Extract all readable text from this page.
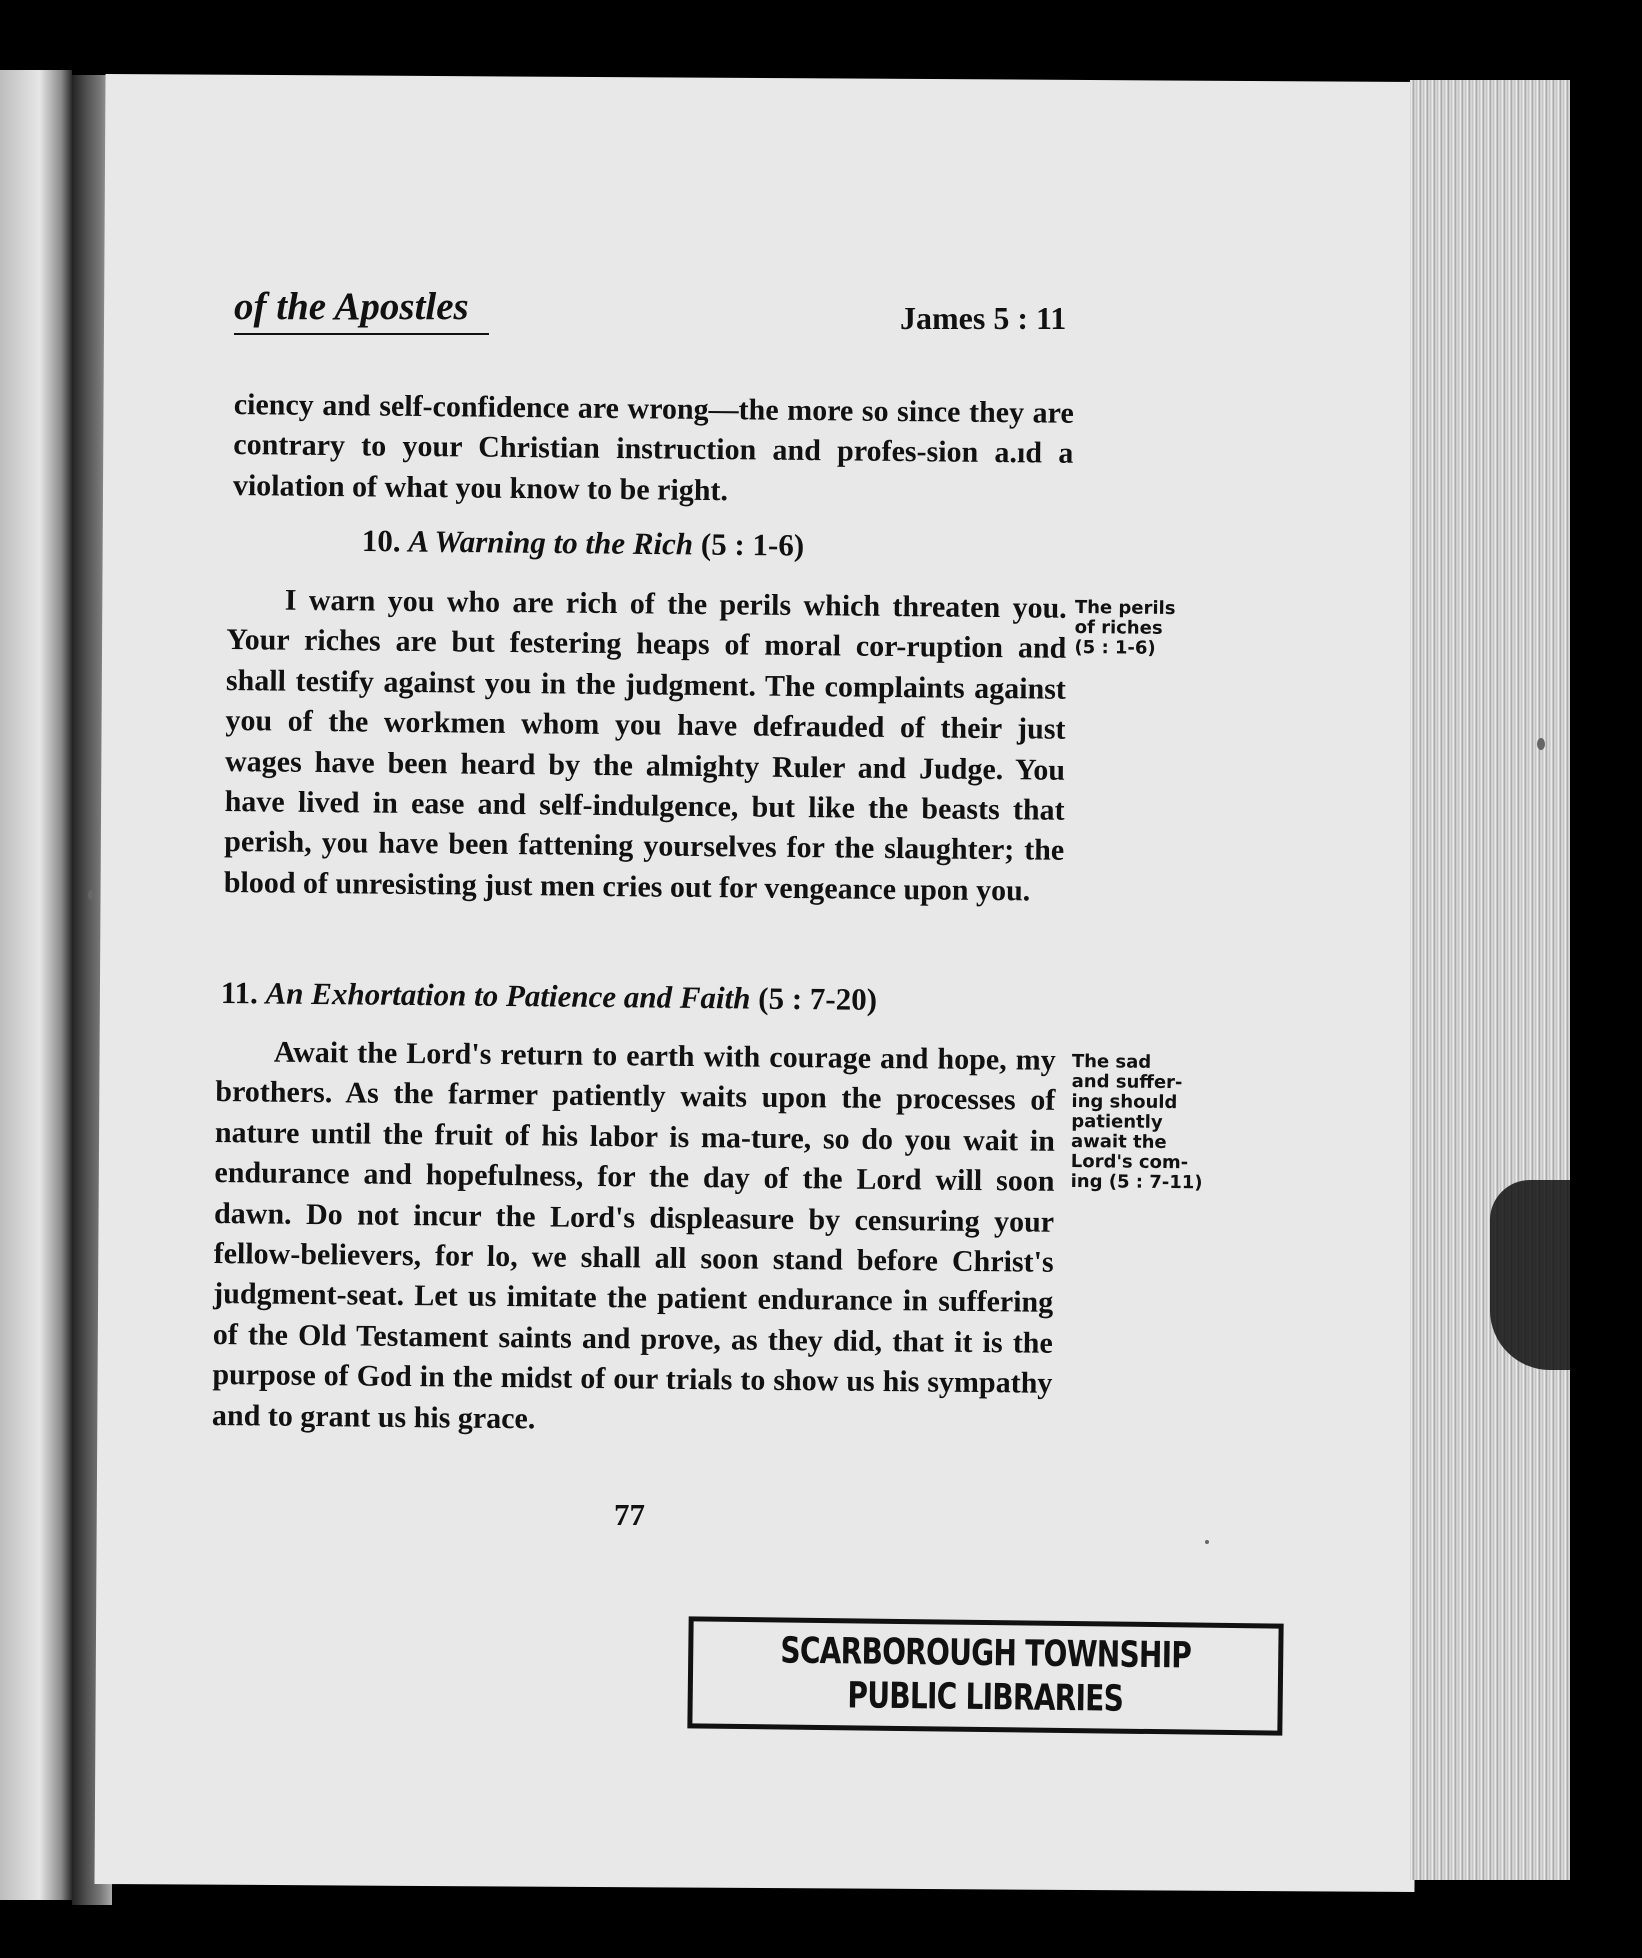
of the Apostles	James 5 : 11
ciency and self-confidence are wrong—the more so since they are contrary to your Christian instruction and profes-sion a.ıd a violation of what you know to be right.
10. A Warning to the Rich (5 : 1-6)
I warn you who are rich of the perils which threaten you. Your riches are but festering heaps of moral cor-ruption and shall testify against you in the judgment. The complaints against you of the workmen whom you have defrauded of their just wages have been heard by the almighty Ruler and Judge. You have lived in ease and self-indulgence, but like the beasts that perish, you have been fattening yourselves for the slaughter; the blood of unresisting just men cries out for vengeance upon you.
The perils
of riches
(5 : 1-6)
11. An Exhortation to Patience and Faith (5 : 7-20)
Await the Lord's return to earth with courage and hope, my brothers. As the farmer patiently waits upon the processes of nature until the fruit of his labor is ma-ture, so do you wait in endurance and hopefulness, for the day of the Lord will soon dawn. Do not incur the Lord's displeasure by censuring your fellow-believers, for lo, we shall all soon stand before Christ's judgment-seat. Let us imitate the patient endurance in suffering of the Old Testament saints and prove, as they did, that it is the purpose of God in the midst of our trials to show us his sympathy and to grant us his grace.
The sad
and suffer-
ing should
patiently
await the
Lord's com-
ing (5 : 7-11)
77
SCARBOROUGH TOWNSHIP
PUBLIC LIBRARIES
